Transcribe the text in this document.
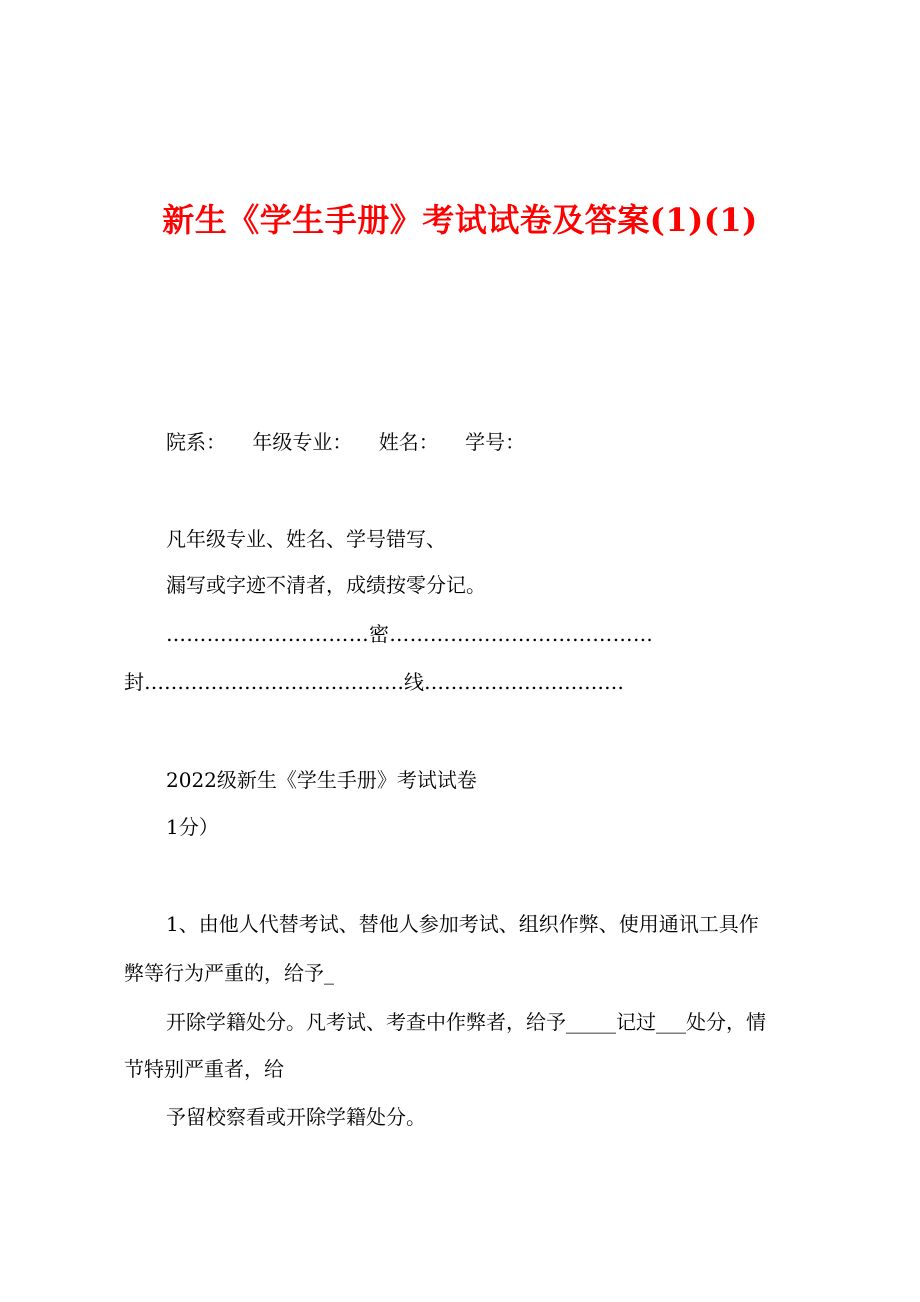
新生《学生手册》考试试卷及答案(1)(1)
院系： 年级专业： 姓名： 学号：
凡年级专业、姓名、学号错写、
漏写或字迹不清者，成绩按零分记。
…………………………密…………………………………
封…………………………………线…………………………
2022级新生《学生手册》考试试卷
1分）
1、由他人代替考试、替他人参加考试、组织作弊、使用通讯工具作
弊等行为严重的，给予_
开除学籍处分。凡考试、考查中作弊者，给予_____记过___处分，情
节特别严重者，给
予留校察看或开除学籍处分。
